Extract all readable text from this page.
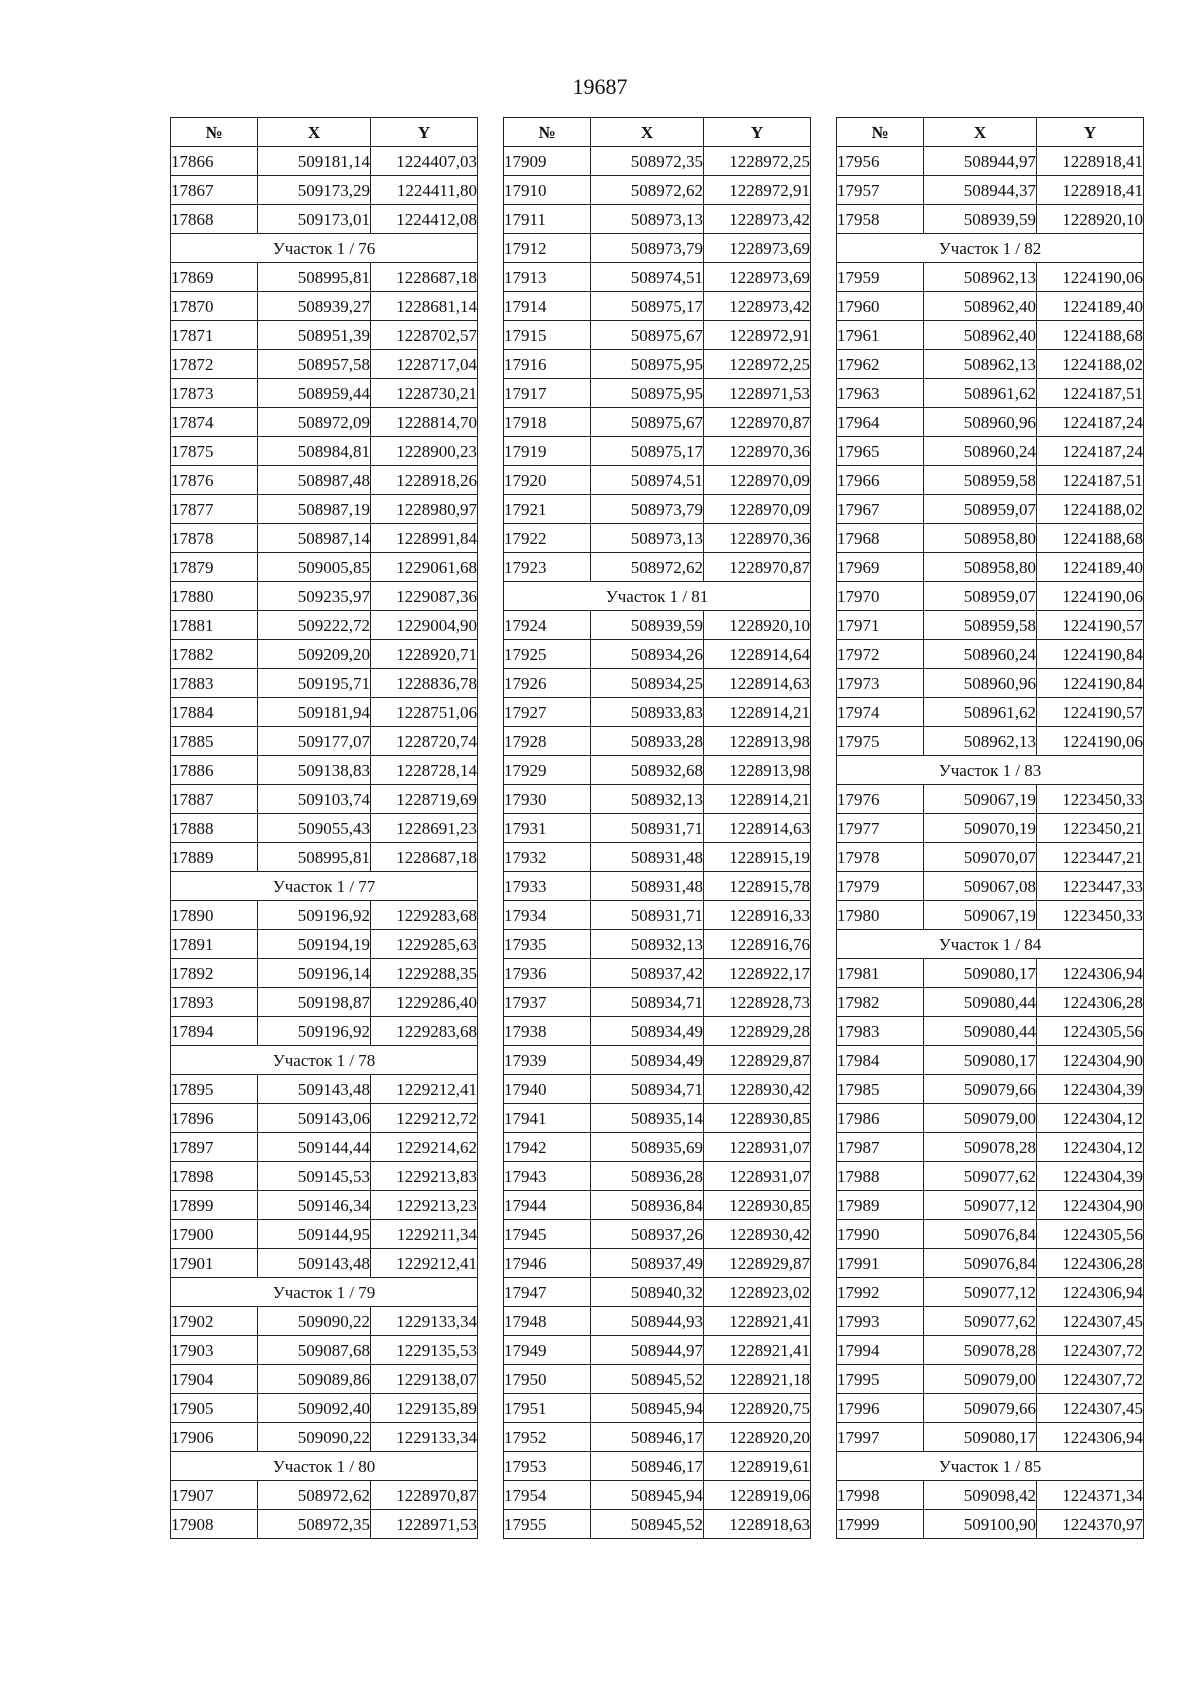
19687
№	X	Y
17866	509181,14	1224407,03
17867	509173,29	1224411,80
17868	509173,01	1224412,08
Участок 1 / 76		
17869	508995,81	1228687,18
17870	508939,27	1228681,14
17871	508951,39	1228702,57
17872	508957,58	1228717,04
17873	508959,44	1228730,21
17874	508972,09	1228814,70
17875	508984,81	1228900,23
17876	508987,48	1228918,26
17877	508987,19	1228980,97
17878	508987,14	1228991,84
17879	509005,85	1229061,68
17880	509235,97	1229087,36
17881	509222,72	1229004,90
17882	509209,20	1228920,71
17883	509195,71	1228836,78
17884	509181,94	1228751,06
17885	509177,07	1228720,74
17886	509138,83	1228728,14
17887	509103,74	1228719,69
17888	509055,43	1228691,23
17889	508995,81	1228687,18
Участок 1 / 77		
17890	509196,92	1229283,68
17891	509194,19	1229285,63
17892	509196,14	1229288,35
17893	509198,87	1229286,40
17894	509196,92	1229283,68
Участок 1 / 78		
17895	509143,48	1229212,41
17896	509143,06	1229212,72
17897	509144,44	1229214,62
17898	509145,53	1229213,83
17899	509146,34	1229213,23
17900	509144,95	1229211,34
17901	509143,48	1229212,41
Участок 1 / 79		
17902	509090,22	1229133,34
17903	509087,68	1229135,53
17904	509089,86	1229138,07
17905	509092,40	1229135,89
17906	509090,22	1229133,34
Участок 1 / 80		
17907	508972,62	1228970,87
17908	508972,35	1228971,53
№	X	Y
17909	508972,35	1228972,25
17910	508972,62	1228972,91
17911	508973,13	1228973,42
17912	508973,79	1228973,69
17913	508974,51	1228973,69
17914	508975,17	1228973,42
17915	508975,67	1228972,91
17916	508975,95	1228972,25
17917	508975,95	1228971,53
17918	508975,67	1228970,87
17919	508975,17	1228970,36
17920	508974,51	1228970,09
17921	508973,79	1228970,09
17922	508973,13	1228970,36
17923	508972,62	1228970,87
Участок 1 / 81		
17924	508939,59	1228920,10
17925	508934,26	1228914,64
17926	508934,25	1228914,63
17927	508933,83	1228914,21
17928	508933,28	1228913,98
17929	508932,68	1228913,98
17930	508932,13	1228914,21
17931	508931,71	1228914,63
17932	508931,48	1228915,19
17933	508931,48	1228915,78
17934	508931,71	1228916,33
17935	508932,13	1228916,76
17936	508937,42	1228922,17
17937	508934,71	1228928,73
17938	508934,49	1228929,28
17939	508934,49	1228929,87
17940	508934,71	1228930,42
17941	508935,14	1228930,85
17942	508935,69	1228931,07
17943	508936,28	1228931,07
17944	508936,84	1228930,85
17945	508937,26	1228930,42
17946	508937,49	1228929,87
17947	508940,32	1228923,02
17948	508944,93	1228921,41
17949	508944,97	1228921,41
17950	508945,52	1228921,18
17951	508945,94	1228920,75
17952	508946,17	1228920,20
17953	508946,17	1228919,61
17954	508945,94	1228919,06
17955	508945,52	1228918,63
№	X	Y
17956	508944,97	1228918,41
17957	508944,37	1228918,41
17958	508939,59	1228920,10
Участок 1 / 82		
17959	508962,13	1224190,06
17960	508962,40	1224189,40
17961	508962,40	1224188,68
17962	508962,13	1224188,02
17963	508961,62	1224187,51
17964	508960,96	1224187,24
17965	508960,24	1224187,24
17966	508959,58	1224187,51
17967	508959,07	1224188,02
17968	508958,80	1224188,68
17969	508958,80	1224189,40
17970	508959,07	1224190,06
17971	508959,58	1224190,57
17972	508960,24	1224190,84
17973	508960,96	1224190,84
17974	508961,62	1224190,57
17975	508962,13	1224190,06
Участок 1 / 83		
17976	509067,19	1223450,33
17977	509070,19	1223450,21
17978	509070,07	1223447,21
17979	509067,08	1223447,33
17980	509067,19	1223450,33
Участок 1 / 84		
17981	509080,17	1224306,94
17982	509080,44	1224306,28
17983	509080,44	1224305,56
17984	509080,17	1224304,90
17985	509079,66	1224304,39
17986	509079,00	1224304,12
17987	509078,28	1224304,12
17988	509077,62	1224304,39
17989	509077,12	1224304,90
17990	509076,84	1224305,56
17991	509076,84	1224306,28
17992	509077,12	1224306,94
17993	509077,62	1224307,45
17994	509078,28	1224307,72
17995	509079,00	1224307,72
17996	509079,66	1224307,45
17997	509080,17	1224306,94
Участок 1 / 85		
17998	509098,42	1224371,34
17999	509100,90	1224370,97
